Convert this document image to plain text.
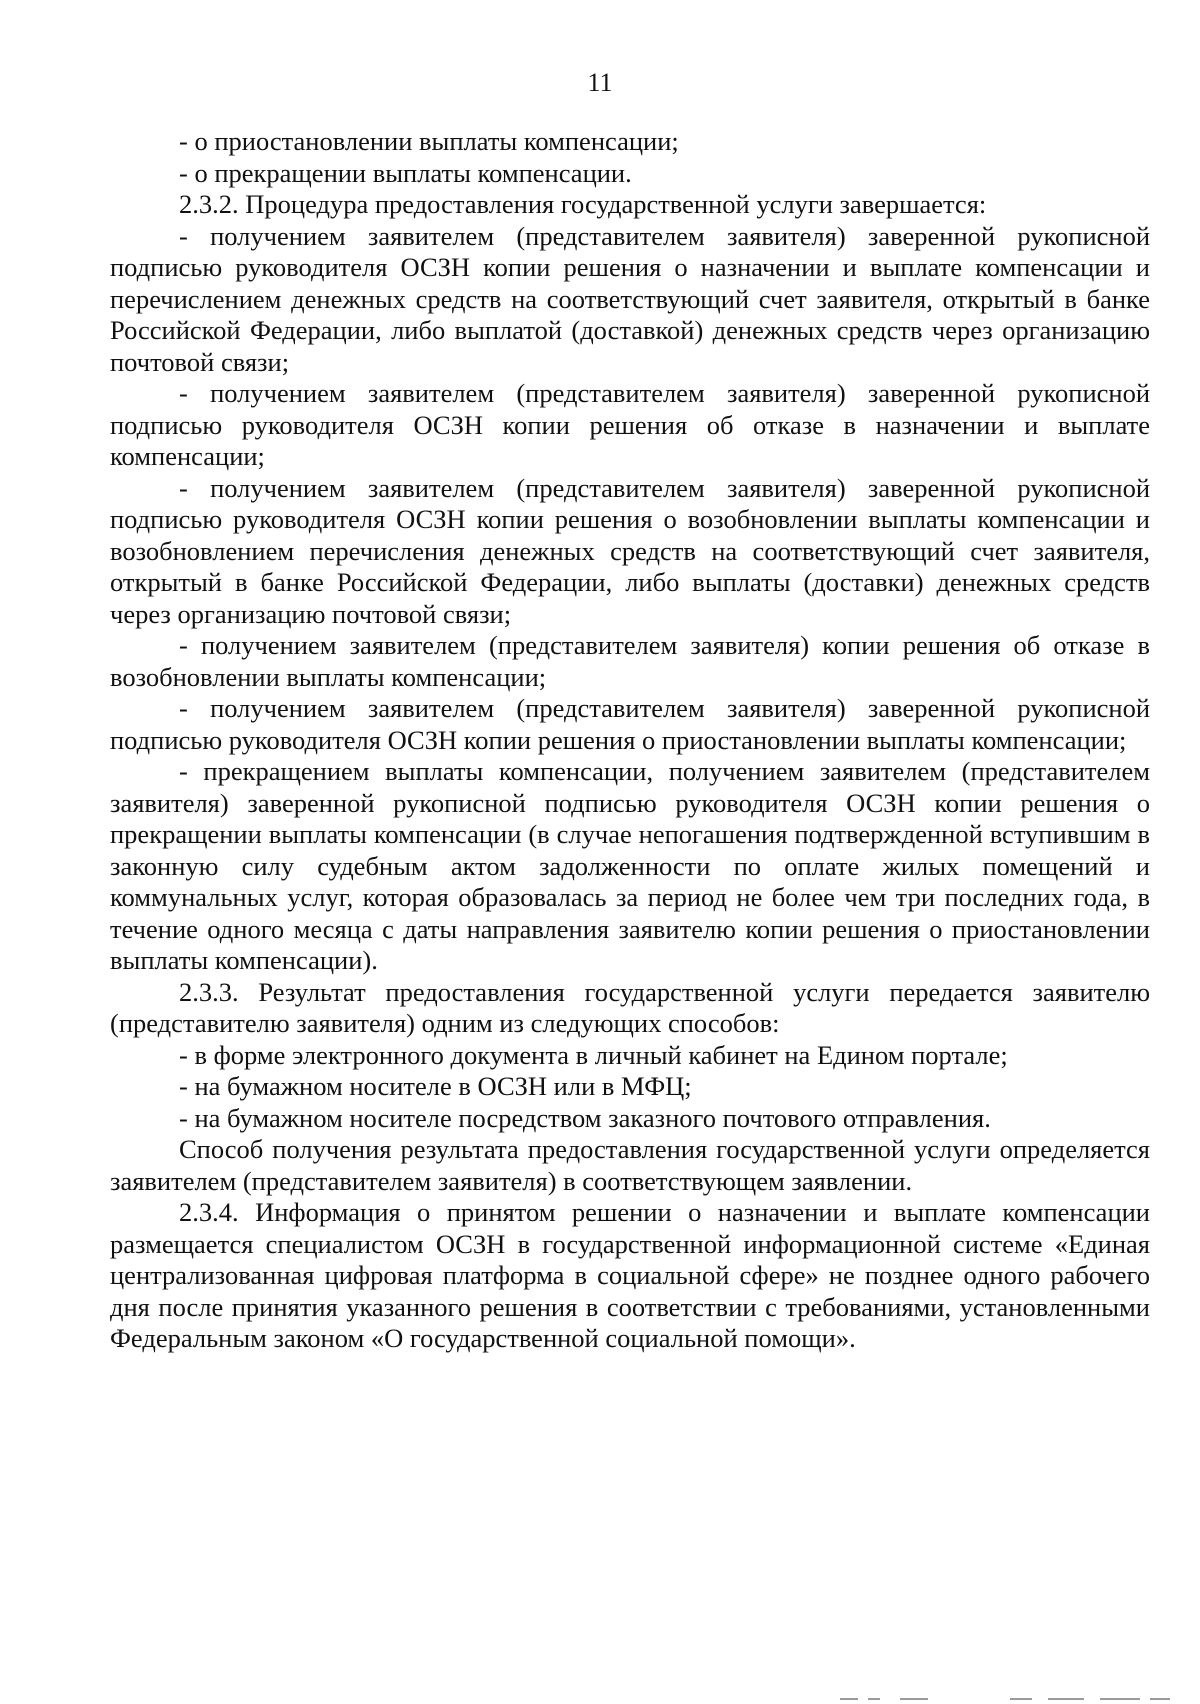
11

- о приостановлении выплаты компенсации;

- о прекращении выплаты компенсации.

2.3.2. Процедура предоставления государственной услуги завершается:

- получением заявителем (представителем заявителя) заверенной рукописной подписью руководителя ОСЗН копии решения о назначении и выплате компенсации и перечислением денежных средств на соответствующий счет заявителя, открытый в банке Российской Федерации, либо выплатой (доставкой) денежных средств через организацию почтовой связи;

- получением заявителем (представителем заявителя) заверенной рукописной подписью руководителя ОСЗН копии решения об отказе в назначении и выплате компенсации;

- получением заявителем (представителем заявителя) заверенной рукописной подписью руководителя ОСЗН копии решения о возобновлении выплаты компенсации и возобновлением перечисления денежных средств на соответствующий счет заявителя, открытый в банке Российской Федерации, либо выплаты (доставки) денежных средств через организацию почтовой связи;

- получением заявителем (представителем заявителя) копии решения об отказе в возобновлении выплаты компенсации;

- получением заявителем (представителем заявителя) заверенной рукописной подписью руководителя ОСЗН копии решения о приостановлении выплаты компенсации;

- прекращением выплаты компенсации, получением заявителем (представителем заявителя) заверенной рукописной подписью руководителя ОСЗН копии решения о прекращении выплаты компенсации (в случае непогашения подтвержденной вступившим в законную силу судебным актом задолженности по оплате жилых помещений и коммунальных услуг, которая образовалась за период не более чем три последних года, в течение одного месяца с даты направления заявителю копии решения о приостановлении выплаты компенсации).

2.3.3. Результат предоставления государственной услуги передается заявителю (представителю заявителя) одним из следующих способов:

- в форме электронного документа в личный кабинет на Едином портале;

- на бумажном носителе в ОСЗН или в МФЦ;

- на бумажном носителе посредством заказного почтового отправления.

Способ получения результата предоставления государственной услуги определяется заявителем (представителем заявителя) в соответствующем заявлении.

2.3.4. Информация о принятом решении о назначении и выплате компенсации размещается специалистом ОСЗН в государственной информационной системе «Единая централизованная цифровая платформа в социальной сфере» не позднее одного рабочего дня после принятия указанного решения в соответствии с требованиями, установленными Федеральным законом «О государственной социальной помощи».
